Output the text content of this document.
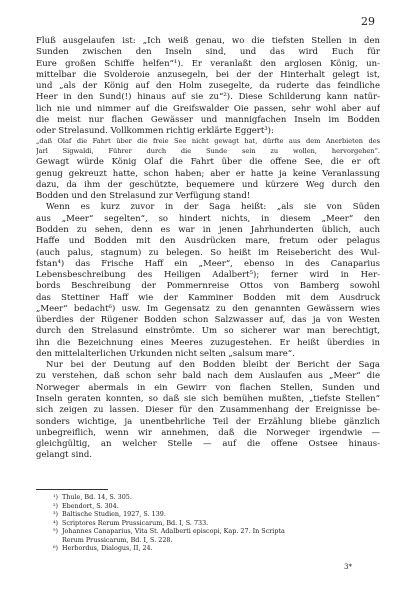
29

Fluß ausgelaufen ist: „Ich weiß genau, wo die tiefsten Stellen in den

Sunden zwischen den Inseln sind, und das wird Euch für

Eure großen Schiffe helfen“¹). Er veranlaßt den arglosen König, un-

mittelbar die Svolderoie anzusegeln, bei der der Hinterhalt gelegt ist,

und „als der König auf den Holm zusegelte, da ruderte das feindliche

Heer in den Sund(!) hinaus auf sie zu“²). Diese Schilderung kann natür-

lich nie und nimmer auf die Greifswalder Oie passen, sehr wohl aber auf

die meist nur flachen Gewässer und mannigfachen Inseln im Bodden

oder Strelasund. Vollkommen richtig erklärte Eggert³):

„daß Olaf die Fahrt über die freie See nicht gewagt hat, dürfte aus dem Anerbieten des

Jarl Sigwaldi, Führer durch die Sunde sein zu wollen, hervorgehen“.

Gewagt würde König Olaf die Fahrt über die offene See, die er oft

genug gekreuzt hatte, schon haben; aber er hatte ja keine Veranlassung

dazu, da ihm der geschützte, bequemere und kürzere Weg durch den

Bodden und den Strelasund zur Verfügung stand!

Wenn es kurz zuvor in der Saga heißt: „als sie von Süden

aus „Meer“ segelten“, so hindert nichts, in diesem „Meer“ den

Bodden zu sehen, denn es war in jenen Jahrhunderten üblich, auch

Haffe und Bodden mit den Ausdrücken mare, fretum oder pelagus

(auch palus, stagnum) zu belegen. So heißt im Reisebericht des Wul-

fstan⁴) das Frische Haff ein „Meer“, ebenso in des Canaparius

Lebensbeschreibung des Heiligen Adalbert⁵); ferner wird in Her-

bords Beschreibung der Pommernreise Ottos von Bamberg sowohl

das Stettiner Haff wie der Kamminer Bodden mit dem Ausdruck

„Meer“ bedacht⁶) usw. Im Gegensatz zu den genannten Gewässern wies

überdies der Rügener Bodden schon Salzwasser auf, das ja von Westen

durch den Strelasund einströmte. Um so sicherer war man berechtigt,

ihn die Bezeichnung eines Meeres zuzugestehen. Er heißt überdies in

den mittelalterlichen Urkunden nicht selten „salsum mare“.

Nur bei der Deutung auf den Bodden bleibt der Bericht der Saga

zu verstehen, daß schon sehr bald nach dem Auslaufen aus „Meer“ die

Norweger abermals in ein Gewirr von flachen Stellen, Sunden und

Inseln geraten konnten, so daß sie sich bemühen mußten, „tiefste Stellen“

sich zeigen zu lassen. Dieser für den Zusammenhang der Ereignisse be-

sonders wichtige, ja unentbehrliche Teil der Erzählung bliebe gänzlich

unbegreiflich, wenn wir annehmen, daß die Norweger irgendwie —

gleichgültig, an welcher Stelle — auf die offene Ostsee hinaus-

gelangt sind.

¹) Thule, Bd. 14, S. 305.
²) Ebendort, S. 304.
³) Baltische Studien, 1927, S. 139.
⁴) Scriptores Rerum Prussicarum, Bd. I, S. 733.
⁵) Johannes Canaparius, Vita St. Adalberti episcopi, Kap. 27. In Scripta
Rerum Prussicarum, Bd. I, S. 228.
⁶) Herbordus, Dialogus, II, 24.

3*
